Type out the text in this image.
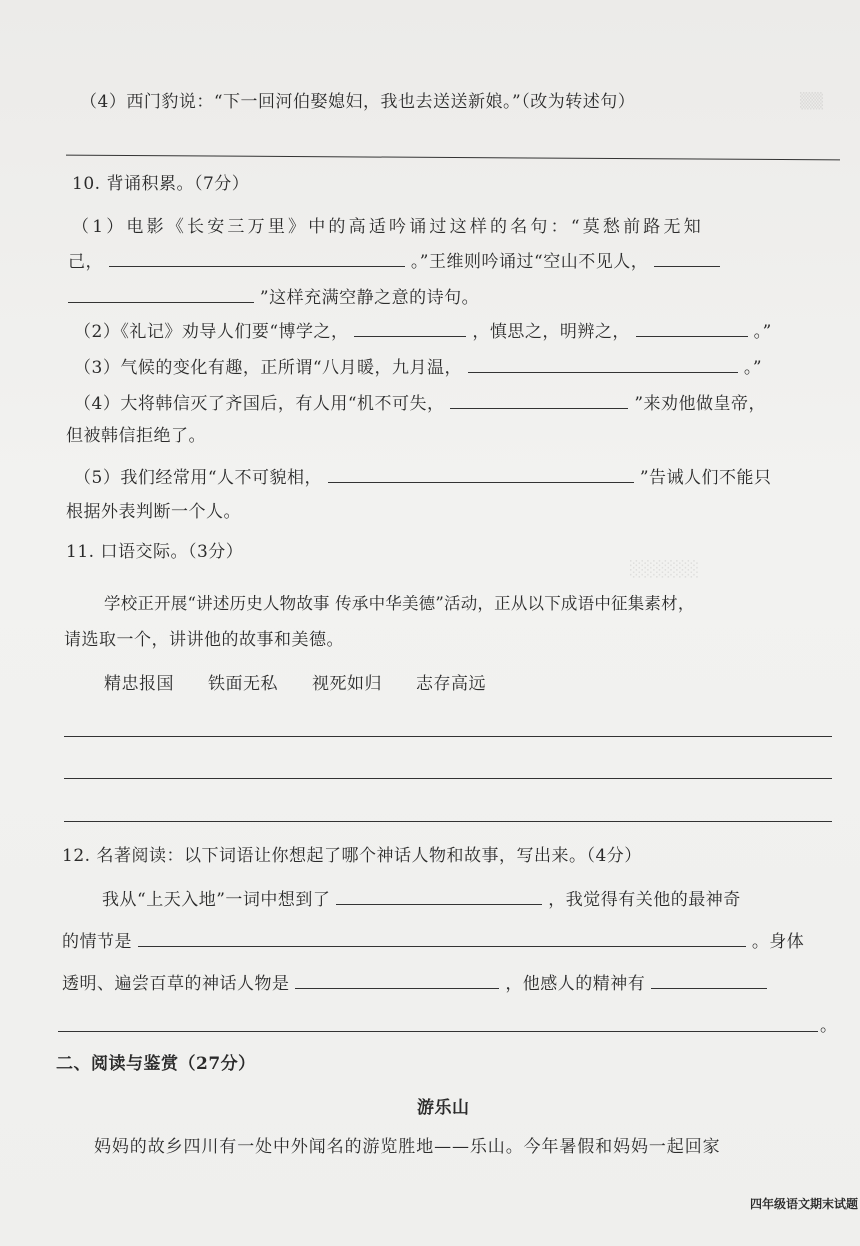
▒▒
░░░░░░
（4）西门豹说：“下一回河伯娶媳妇，我也去送送新娘。”（改为转述句）
10. 背诵积累。（7分）
（1）电影《长安三万里》中的高适吟诵过这样的名句：“莫愁前路无知
己，	。”王维则吟诵过“空山不见人，
”这样充满空静之意的诗句。
（2）《礼记》劝导人们要“博学之，	，慎思之，明辨之，	。”
（3）气候的变化有趣，正所谓“八月暖，九月温，	。”
（4）大将韩信灭了齐国后，有人用“机不可失，	”来劝他做皇帝，
但被韩信拒绝了。
（5）我们经常用“人不可貌相，	”告诫人们不能只
根据外表判断一个人。
11. 口语交际。（3分）
学校正开展“讲述历史人物故事 传承中华美德”活动，正从以下成语中征集素材，
请选取一个，讲讲他的故事和美德。
精忠报国 铁面无私 视死如归 志存高远
12. 名著阅读：以下词语让你想起了哪个神话人物和故事，写出来。（4分）
我从“上天入地”一词中想到了	，我觉得有关他的最神奇
的情节是	。身体
透明、遍尝百草的神话人物是	，他感人的精神有
。
二、阅读与鉴赏（27分）
游乐山
妈妈的故乡四川有一处中外闻名的游览胜地——乐山。今年暑假和妈妈一起回家
四年级语文期末试题
